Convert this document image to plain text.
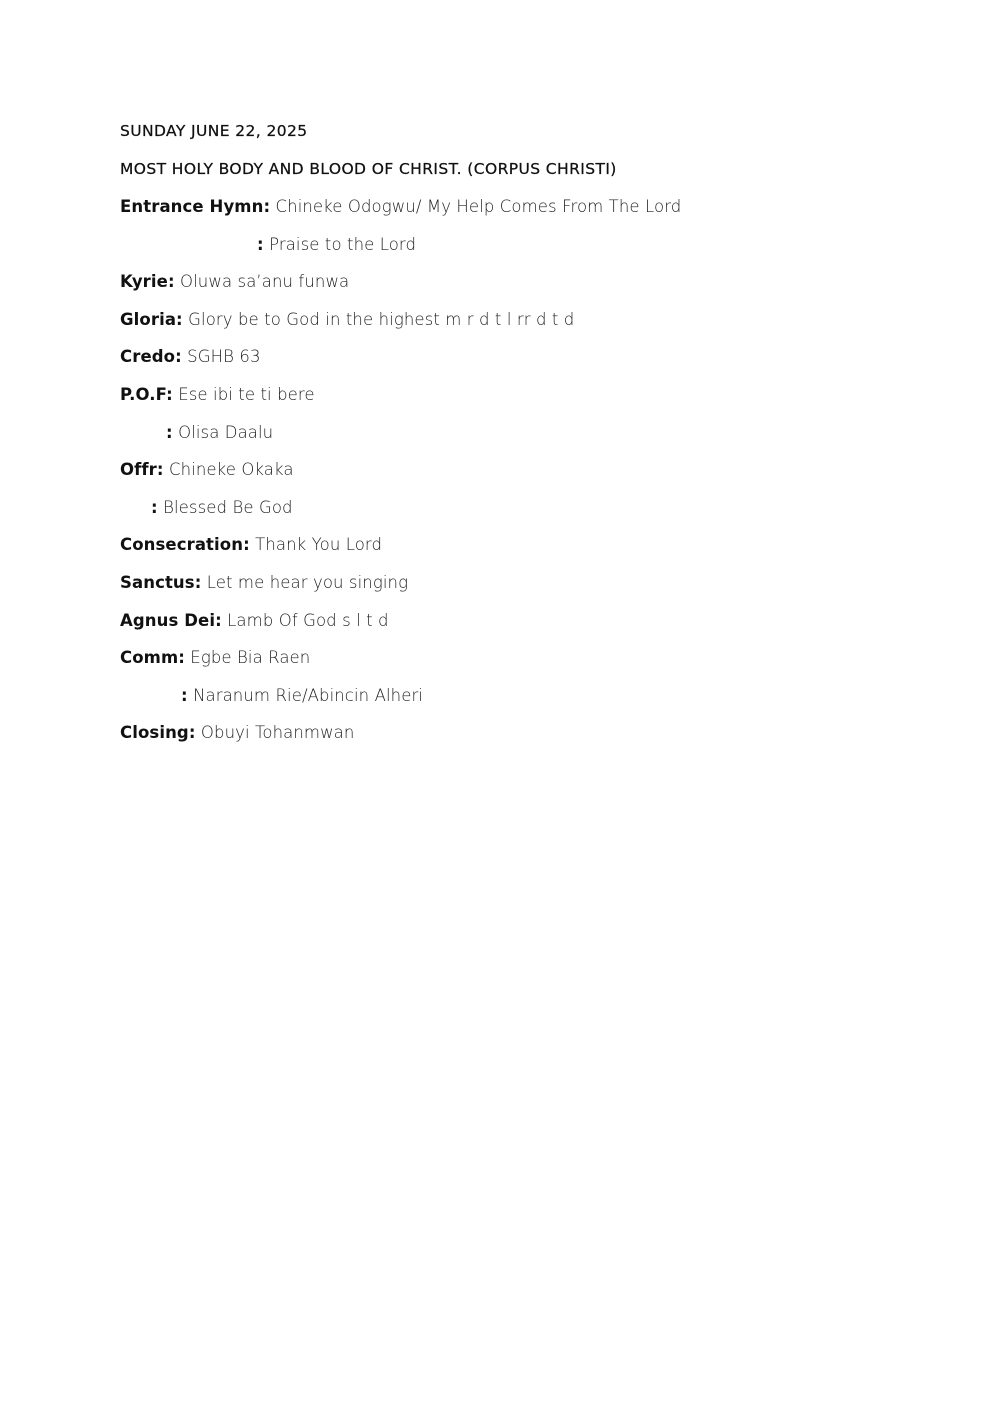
SUNDAY JUNE 22, 2025
MOST HOLY BODY AND BLOOD OF CHRIST. (CORPUS CHRISTI)
Entrance Hymn: Chineke Odogwu/ My Help Comes From The Lord
: Praise to the Lord
Kyrie: Oluwa sa’anu funwa
Gloria: Glory be to God in the highest m r d t l rr d t d
Credo: SGHB 63
P.O.F: Ese ibi te ti bere
: Olisa Daalu
Offr: Chineke Okaka
: Blessed Be God
Consecration: Thank You Lord
Sanctus: Let me hear you singing
Agnus Dei: Lamb Of God s l t d
Comm: Egbe Bia Raen
: Naranum Rie/Abincin Alheri
Closing: Obuyi Tohanmwan
